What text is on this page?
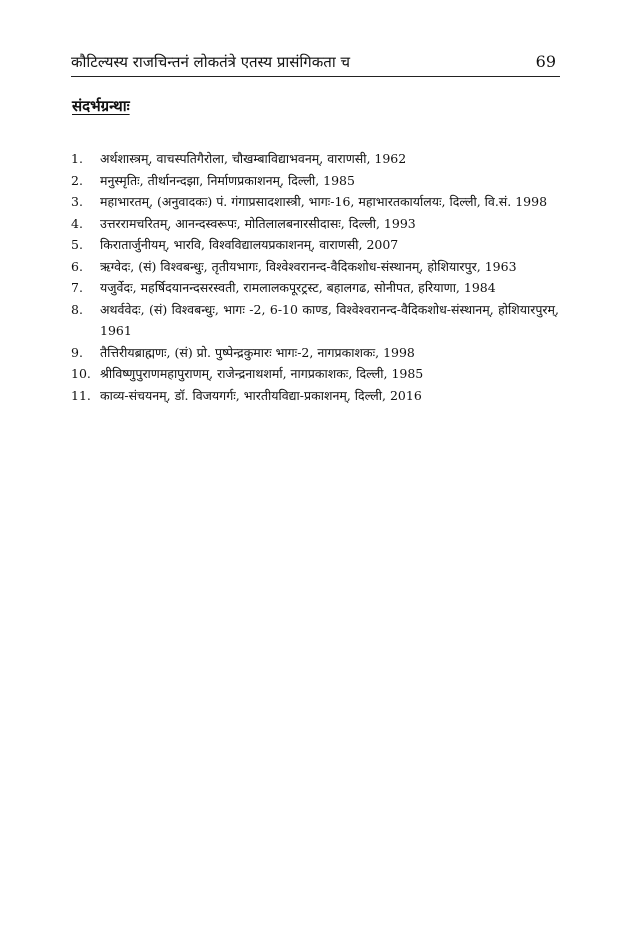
कौटिल्यस्य राजचिन्तनं लोकतंत्रे एतस्य प्रासंगिकता च	69
संदर्भग्रन्थाः
1. अर्थशास्त्रम्, वाचस्पतिगैरोला, चौखम्बाविद्याभवनम्, वाराणसी, 1962
2. मनुस्मृतिः, तीर्थानन्दझा, निर्माणप्रकाशनम्, दिल्ली, 1985
3. महाभारतम्, (अनुवादकः) पं. गंगाप्रसादशास्त्री, भागः-16, महाभारतकार्यालयः, दिल्ली, वि.सं. 1998
4. उत्तररामचरितम्, आनन्दस्वरूपः, मोतिलालबनारसीदासः, दिल्ली, 1993
5. किरातार्जुनीयम्, भारवि, विश्वविद्यालयप्रकाशनम्, वाराणसी, 2007
6. ऋग्वेदः, (सं) विश्वबन्धुः, तृतीयभागः, विश्वेश्वरानन्द-वैदिकशोध-संस्थानम्, होशियारपुर, 1963
7. यजुर्वेदः, महर्षिदयानन्दसरस्वती, रामलालकपूरट्रस्ट, बहालगढ, सोनीपत, हरियाणा, 1984
8. अथर्ववेदः, (सं) विश्वबन्धुः, भागः -2, 6-10 काण्ड, विश्वेश्वरानन्द-वैदिकशोध-संस्थानम्, होशियारपुरम्, 1961
9. तैत्तिरीयब्राह्मणः, (सं) प्रो. पुष्पेन्द्रकुमारः भागः-2, नागप्रकाशकः, 1998
10. श्रीविष्णुपुराणमहापुराणम्, राजेन्द्रनाथशर्मा, नागप्रकाशकः, दिल्ली, 1985
11. काव्य-संचयनम्, डॉ. विजयगर्गः, भारतीयविद्या-प्रकाशनम्, दिल्ली, 2016
